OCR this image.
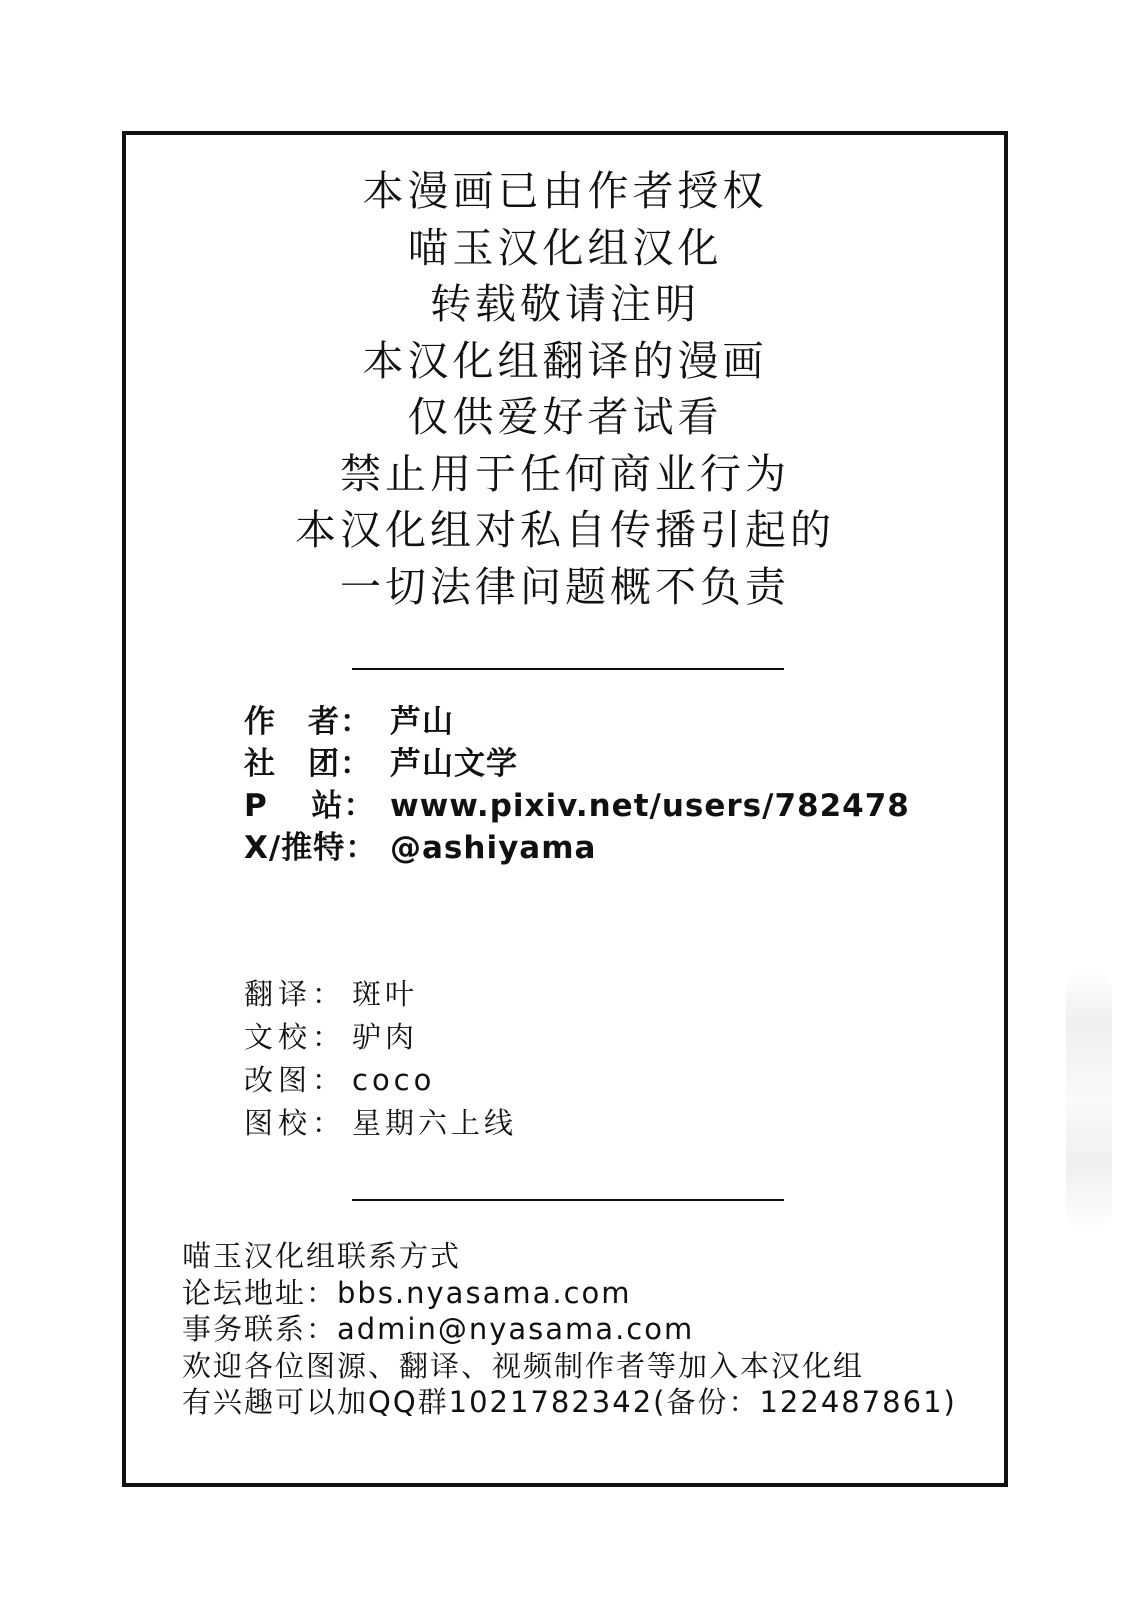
本漫画已由作者授权
喵玉汉化组汉化
转载敬请注明
本汉化组翻译的漫画
仅供爱好者试看
禁止用于任何商业行为
本汉化组对私自传播引起的
一切法律问题概不负责
作　者： 芦山
社　团： 芦山文学
P　 站： www.pixiv.net/users/782478
X/推特： @ashiyama
翻译： 斑叶
文校： 驴肉
改图： coco
图校： 星期六上线
喵玉汉化组联系方式
论坛地址：bbs.nyasama.com
事务联系：admin@nyasama.com
欢迎各位图源、翻译、视频制作者等加入本汉化组
有兴趣可以加QQ群1021782342(备份：122487861)
